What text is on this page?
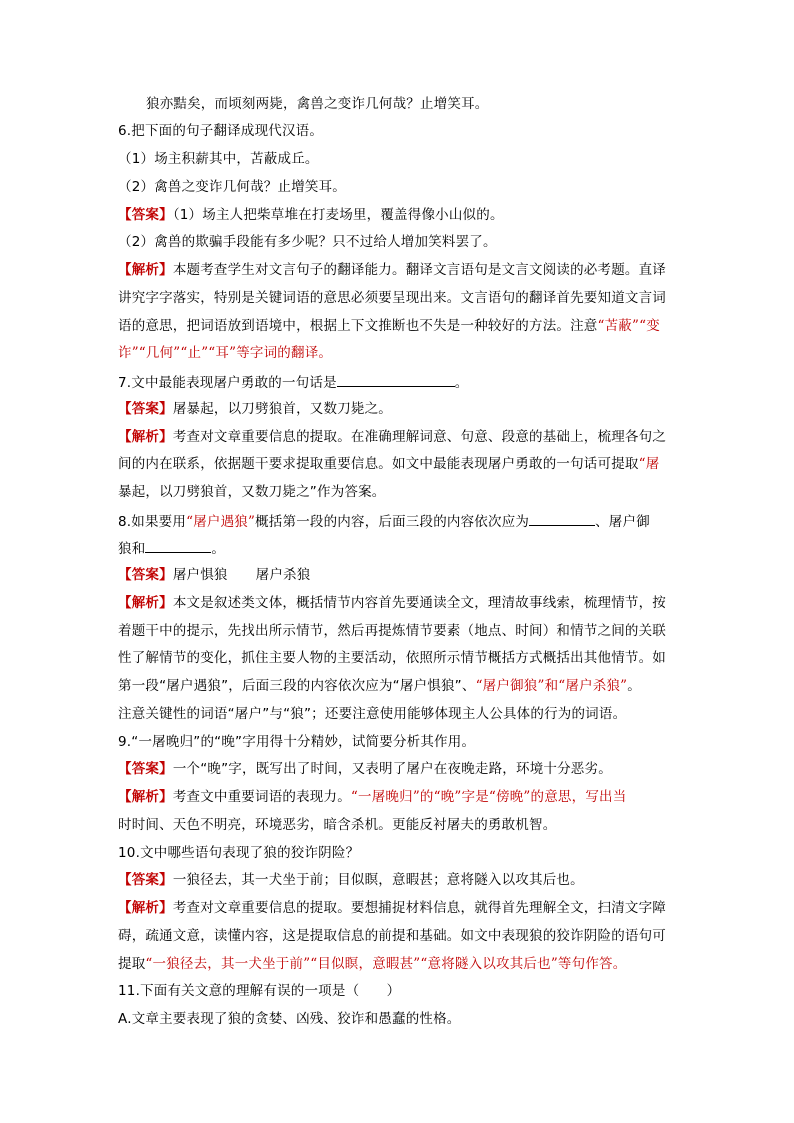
狼亦黠矣，而顷刻两毙，禽兽之变诈几何哉？止增笑耳。
6.把下面的句子翻译成现代汉语。
（1）场主积薪其中，苫蔽成丘。
（2）禽兽之变诈几何哉？止增笑耳。
【答案】（1）场主人把柴草堆在打麦场里，覆盖得像小山似的。
（2）禽兽的欺骗手段能有多少呢？只不过给人增加笑料罢了。
【解析】本题考查学生对文言句子的翻译能力。翻译文言语句是文言文阅读的必考题。直译
讲究字字落实，特别是关键词语的意思必须要呈现出来。文言语句的翻译首先要知道文言词
语的意思，把词语放到语境中，根据上下文推断也不失是一种较好的方法。注意“苫蔽”“变
诈”“几何”“止”“耳”等字词的翻译。
7.文中最能表现屠户勇敢的一句话是	。
【答案】屠暴起，以刀劈狼首，又数刀毙之。
【解析】考查对文章重要信息的提取。在准确理解词意、句意、段意的基础上，梳理各句之
间的内在联系，依据题干要求提取重要信息。如文中最能表现屠户勇敢的一句话可提取“屠
暴起，以刀劈狼首，又数刀毙之”作为答案。
8.如果要用“屠户遇狼”概括第一段的内容，后面三段的内容依次应为	、屠户御
狼和	。
【答案】屠户惧狼 屠户杀狼
【解析】本文是叙述类文体，概括情节内容首先要通读全文，理清故事线索，梳理情节，按
着题干中的提示，先找出所示情节，然后再提炼情节要素（地点、时间）和情节之间的关联
性了解情节的变化，抓住主要人物的主要活动，依照所示情节概括方式概括出其他情节。如
第一段“屠户遇狼”，后面三段的内容依次应为“屠户惧狼”、“屠户御狼”和“屠户杀狼”。
注意关键性的词语“屠户”与“狼”；还要注意使用能够体现主人公具体的行为的词语。
9.“一屠晚归”的“晚”字用得十分精妙，试简要分析其作用。
【答案】一个“晚”字，既写出了时间，又表明了屠户在夜晚走路，环境十分恶劣。
【解析】考查文中重要词语的表现力。“一屠晚归”的“晚”字是“傍晚”的意思，写出当
时时间、天色不明亮，环境恶劣，暗含杀机。更能反衬屠夫的勇敢机智。
10.文中哪些语句表现了狼的狡诈阴险？
【答案】一狼径去，其一犬坐于前；目似瞑，意暇甚；意将隧入以攻其后也。
【解析】考查对文章重要信息的提取。要想捕捉材料信息，就得首先理解全文，扫清文字障
碍，疏通文意，读懂内容，这是提取信息的前提和基础。如文中表现狼的狡诈阴险的语句可
提取“一狼径去，其一犬坐于前”“目似瞑，意暇甚”“意将隧入以攻其后也”等句作答。
11.下面有关文意的理解有误的一项是（　　）
A.文章主要表现了狼的贪婪、凶残、狡诈和愚蠢的性格。
